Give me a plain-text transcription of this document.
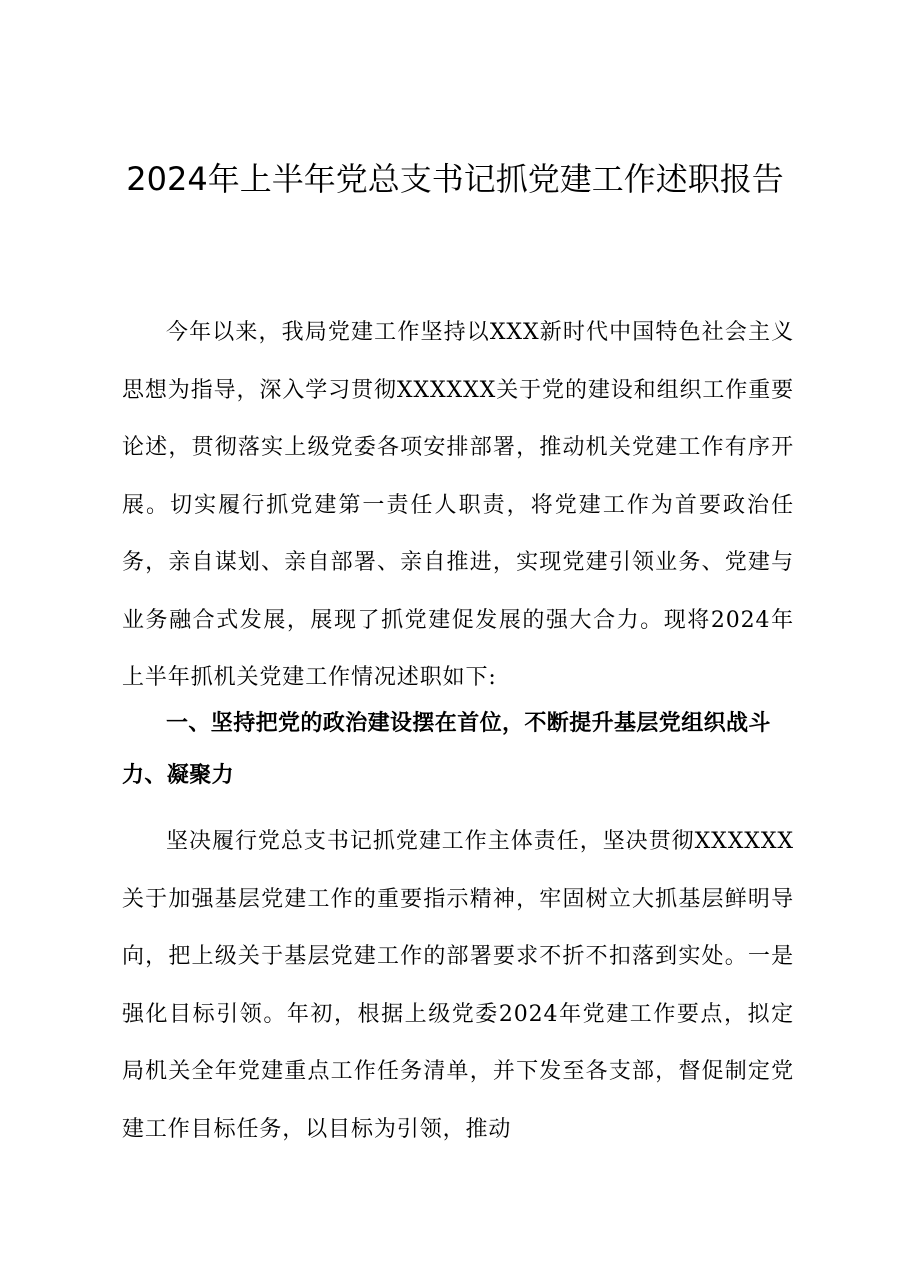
2024年上半年党总支书记抓党建工作述职报告

今年以来，我局党建工作坚持以XXX新时代中国特色社会主义思想为指导，深入学习贯彻XXXXXX关于党的建设和组织工作重要论述，贯彻落实上级党委各项安排部署，推动机关党建工作有序开展。切实履行抓党建第一责任人职责，将党建工作为首要政治任务，亲自谋划、亲自部署、亲自推进，实现党建引领业务、党建与业务融合式发展，展现了抓党建促发展的强大合力。现将2024年上半年抓机关党建工作情况述职如下:

一、坚持把党的政治建设摆在首位，不断提升基层党组织战斗力、凝聚力

坚决履行党总支书记抓党建工作主体责任，坚决贯彻XXXXXX关于加强基层党建工作的重要指示精神，牢固树立大抓基层鲜明导向，把上级关于基层党建工作的部署要求不折不扣落到实处。一是强化目标引领。年初，根据上级党委2024年党建工作要点，拟定局机关全年党建重点工作任务清单，并下发至各支部，督促制定党建工作目标任务，以目标为引领，推动
